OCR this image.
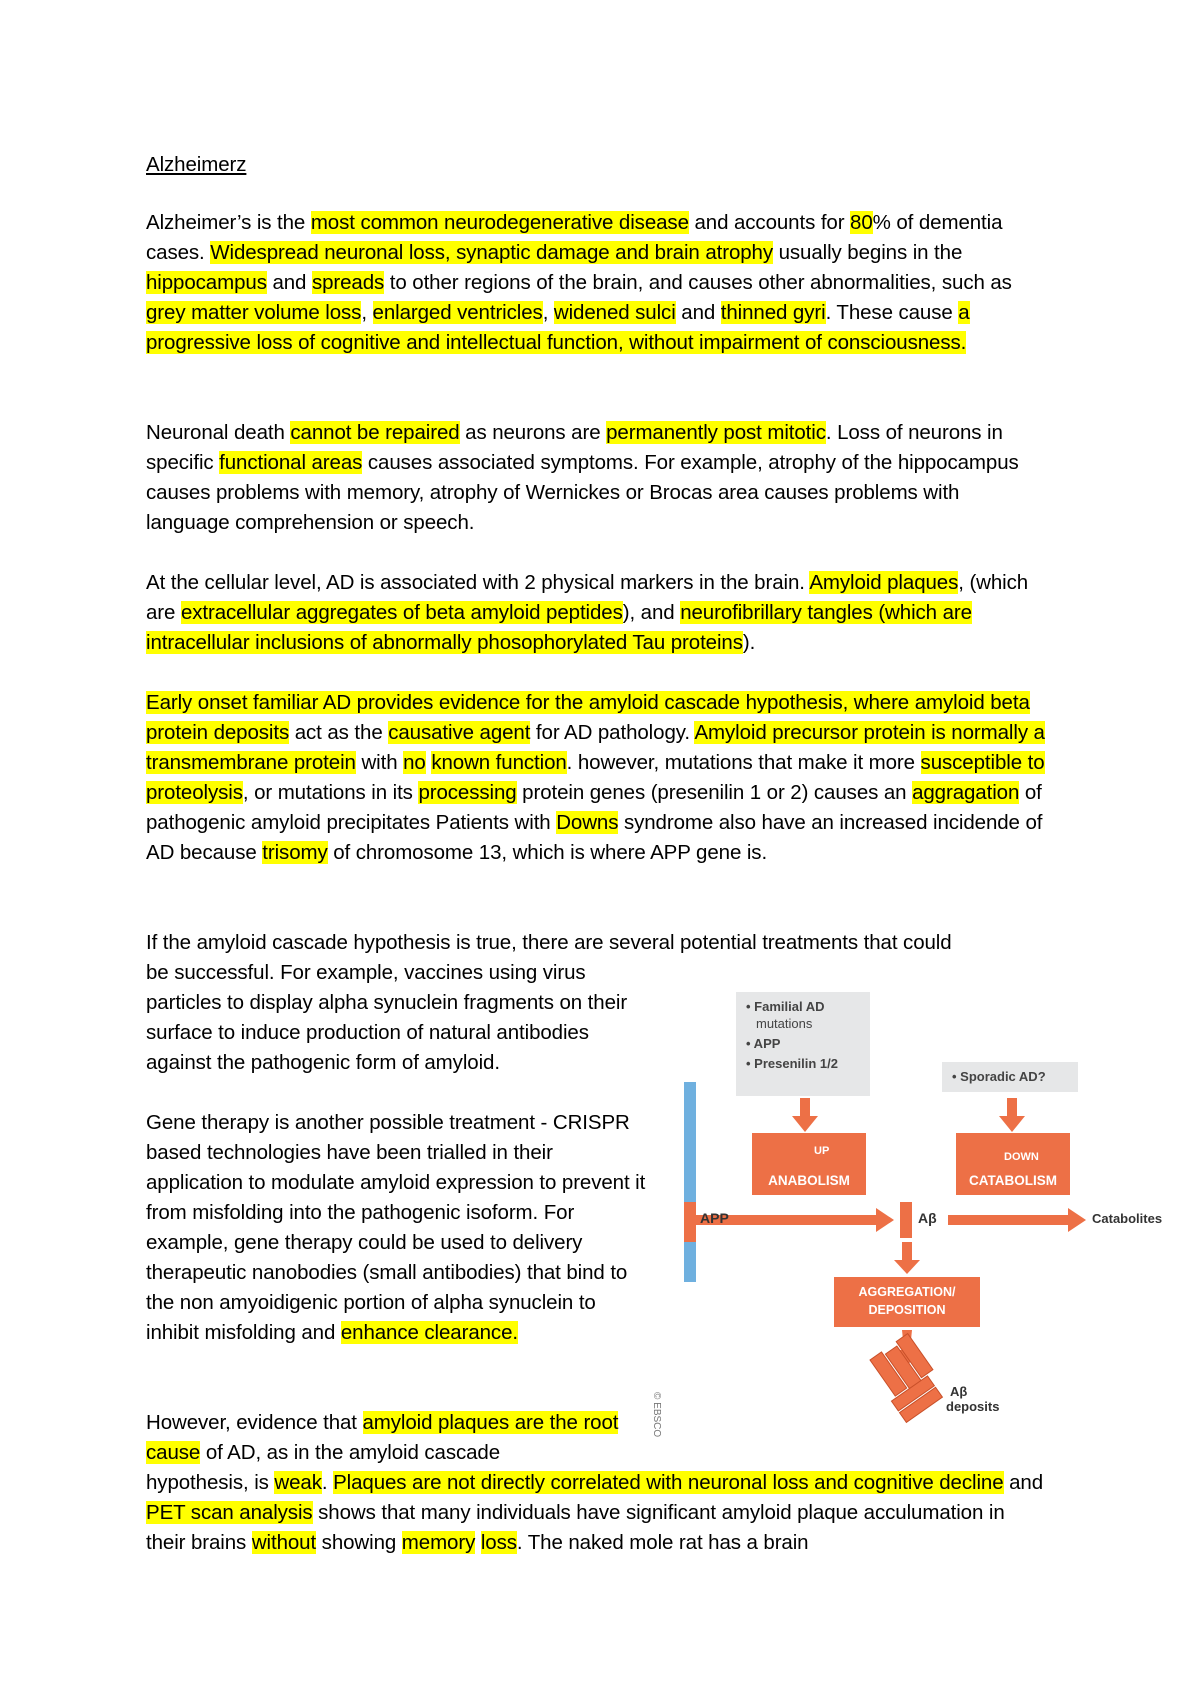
Alzheimerz

Alzheimer’s is the most common neurodegenerative disease and accounts for 80% of dementia cases. Widespread neuronal loss, synaptic damage and brain atrophy usually begins in the hippocampus and spreads to other regions of the brain, and causes other abnormalities, such as grey matter volume loss, enlarged ventricles, widened sulci and thinned gyri. These cause a progressive loss of cognitive and intellectual function, without impairment of consciousness.

Neuronal death cannot be repaired as neurons are permanently post mitotic. Loss of neurons in specific functional areas causes associated symptoms. For example, atrophy of the hippocampus causes problems with memory, atrophy of Wernickes or Brocas area causes problems with language comprehension or speech.

At the cellular level, AD is associated with 2 physical markers in the brain. Amyloid plaques, (which are extracellular aggregates of beta amyloid peptides), and neurofibrillary tangles (which are intracellular inclusions of abnormally phosophorylated Tau proteins).

Early onset familiar AD provides evidence for the amyloid cascade hypothesis, where amyloid beta protein deposits act as the causative agent for AD pathology. Amyloid precursor protein is normally a transmembrane protein with no known function. however, mutations that make it more susceptible to proteolysis, or mutations in its processing protein genes (presenilin 1 or 2) causes an aggragation of pathogenic amyloid precipitates Patients with Downs syndrome also have an increased incidende of AD because trisomy of chromosome 13, which is where APP gene is.

If the amyloid cascade hypothesis is true, there are several potential treatments that could

be successful. For example, vaccines using virus particles to display alpha synuclein fragments on their surface to induce production of natural antibodies against the pathogenic form of amyloid.

Gene therapy is another possible treatment - CRISPR based technologies have been trialled in their application to modulate amyloid expression to prevent it from misfolding into the pathogenic isoform. For example, gene therapy could be used to delivery therapeutic nanobodies (small antibodies) that bind to the non amyoidigenic portion of alpha synuclein to inhibit misfolding and enhance clearance.

However, evidence that amyloid plaques are the root cause of AD, as in the amyloid cascade

hypothesis, is weak. Plaques are not directly correlated with neuronal loss and cognitive decline and PET scan analysis shows that many individuals have significant amyloid plaque acculumation in their brains without showing memory loss. The naked mole rat has a brain

• Familial AD
mutations
• APP
• Presenilin 1/2
• Sporadic AD?
UP
ANABOLISM
DOWN
CATABOLISM
APP	Aβ	Catabolites
AGGREGATION/
DEPOSITION
Aβ
deposits
© EBSCO
